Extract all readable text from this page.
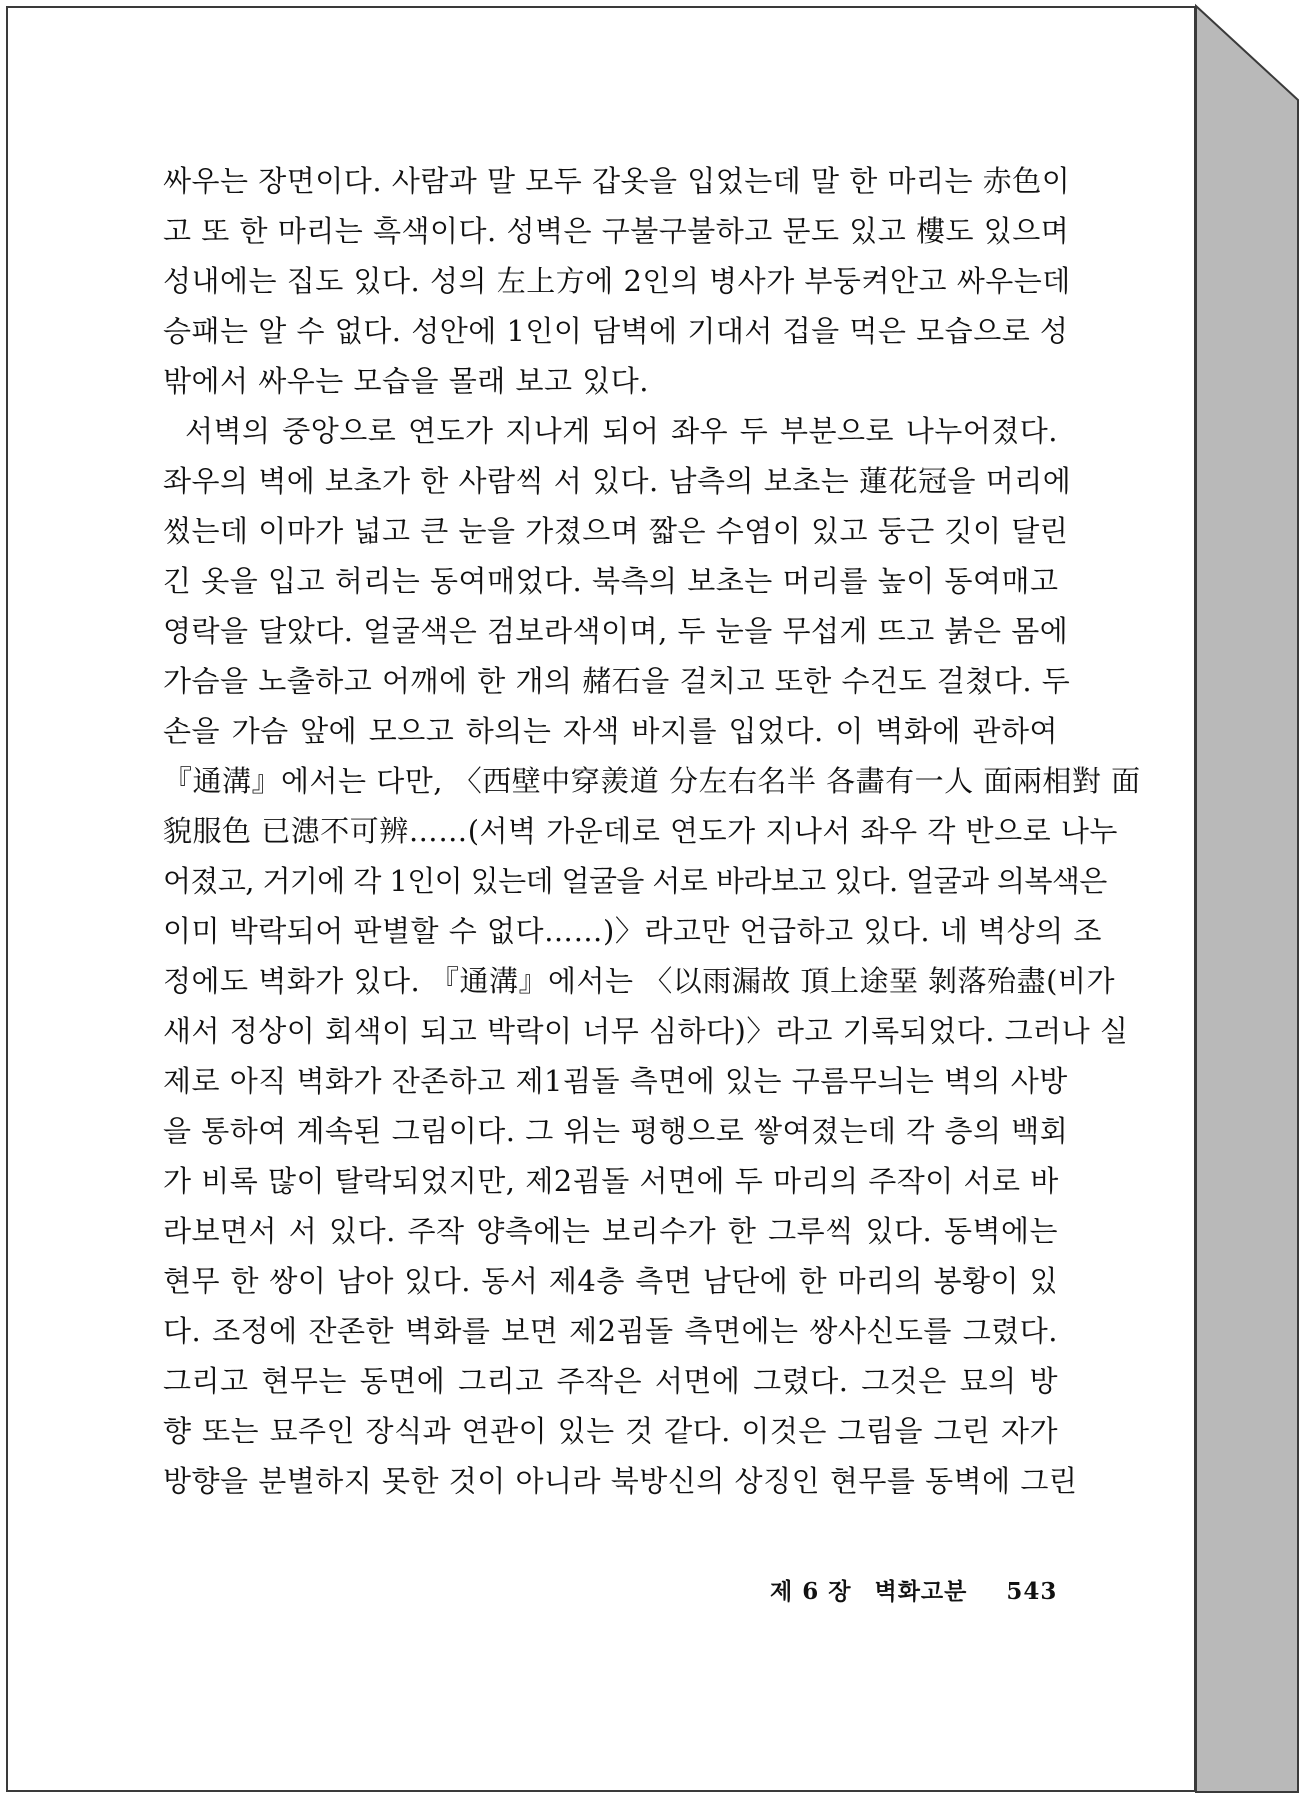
싸우는 장면이다. 사람과 말 모두 갑옷을 입었는데 말 한 마리는 赤色이
고 또 한 마리는 흑색이다. 성벽은 구불구불하고 문도 있고 樓도 있으며
성내에는 집도 있다. 성의 左上方에 2인의 병사가 부둥켜안고 싸우는데
승패는 알 수 없다. 성안에 1인이 담벽에 기대서 겁을 먹은 모습으로 성
밖에서 싸우는 모습을 몰래 보고 있다.
서벽의 중앙으로 연도가 지나게 되어 좌우 두 부분으로 나누어졌다.
좌우의 벽에 보초가 한 사람씩 서 있다. 남측의 보초는 蓮花冠을 머리에
썼는데 이마가 넓고 큰 눈을 가졌으며 짧은 수염이 있고 둥근 깃이 달린
긴 옷을 입고 허리는 동여매었다. 북측의 보초는 머리를 높이 동여매고
영락을 달았다. 얼굴색은 검보라색이며, 두 눈을 무섭게 뜨고 붉은 몸에
가슴을 노출하고 어깨에 한 개의 赭石을 걸치고 또한 수건도 걸쳤다. 두
손을 가슴 앞에 모으고 하의는 자색 바지를 입었다. 이 벽화에 관하여
『通溝』에서는 다만, 〈西壁中穿羨道 分左右名半 各畵有一人 面兩相對 面
貌服色 已漶不可辨……(서벽 가운데로 연도가 지나서 좌우 각 반으로 나누
어졌고, 거기에 각 1인이 있는데 얼굴을 서로 바라보고 있다. 얼굴과 의복색은
이미 박락되어 판별할 수 없다……)〉라고만 언급하고 있다. 네 벽상의 조
정에도 벽화가 있다. 『通溝』에서는 〈以雨漏故 頂上途堊 剝落殆盡(비가
새서 정상이 회색이 되고 박락이 너무 심하다)〉라고 기록되었다. 그러나 실
제로 아직 벽화가 잔존하고 제1굄돌 측면에 있는 구름무늬는 벽의 사방
을 통하여 계속된 그림이다. 그 위는 평행으로 쌓여졌는데 각 층의 백회
가 비록 많이 탈락되었지만, 제2굄돌 서면에 두 마리의 주작이 서로 바
라보면서 서 있다. 주작 양측에는 보리수가 한 그루씩 있다. 동벽에는
현무 한 쌍이 남아 있다. 동서 제4층 측면 남단에 한 마리의 봉황이 있
다. 조정에 잔존한 벽화를 보면 제2굄돌 측면에는 쌍사신도를 그렸다.
그리고 현무는 동면에 그리고 주작은 서면에 그렸다. 그것은 묘의 방
향 또는 묘주인 장식과 연관이 있는 것 같다. 이것은 그림을 그린 자가
방향을 분별하지 못한 것이 아니라 북방신의 상징인 현무를 동벽에 그린
제 6 장 벽화고분 543
